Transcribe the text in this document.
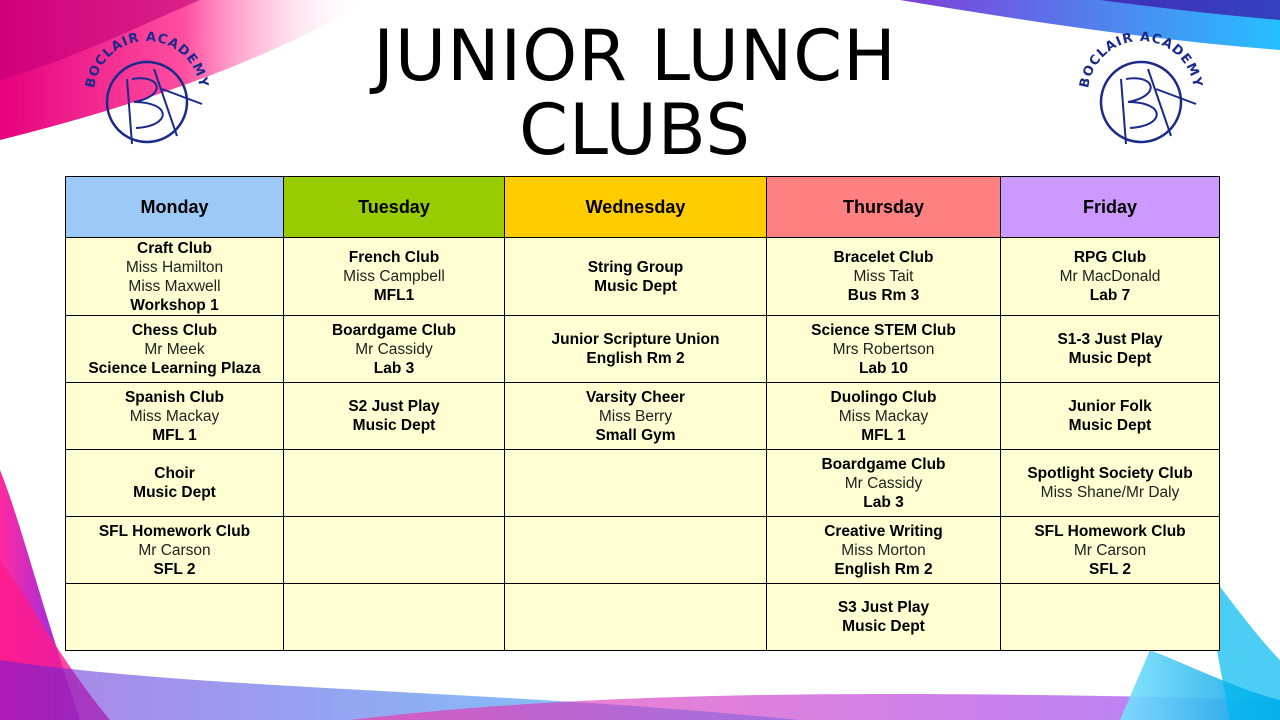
JUNIOR LUNCH
CLUBS
BOCLAIR ACADEMY	BOCLAIR ACADEMY
Monday	Tuesday	Wednesday	Thursday	Friday

Craft Club
Miss Hamilton
Miss Maxwell
Workshop 1	French Club
Miss Campbell
MFL1	String Group
Music Dept	Bracelet Club
Miss Tait
Bus Rm 3	RPG Club
Mr MacDonald
Lab 7

Chess Club
Mr Meek
Science Learning Plaza	Boardgame Club
Mr Cassidy
Lab 3	Junior Scripture Union
English Rm 2	Science STEM Club
Mrs Robertson
Lab 10	S1-3 Just Play
Music Dept

Spanish Club
Miss Mackay
MFL 1	S2 Just Play
Music Dept	Varsity Cheer
Miss Berry
Small Gym	Duolingo Club
Miss Mackay
MFL 1	Junior Folk
Music Dept

Choir
Music Dept			Boardgame Club
Mr Cassidy
Lab 3	Spotlight Society Club
Miss Shane/Mr Daly

SFL Homework Club
Mr Carson
SFL 2			Creative Writing
Miss Morton
English Rm 2	SFL Homework Club
Mr Carson
SFL 2

			S3 Just Play
Music Dept	
